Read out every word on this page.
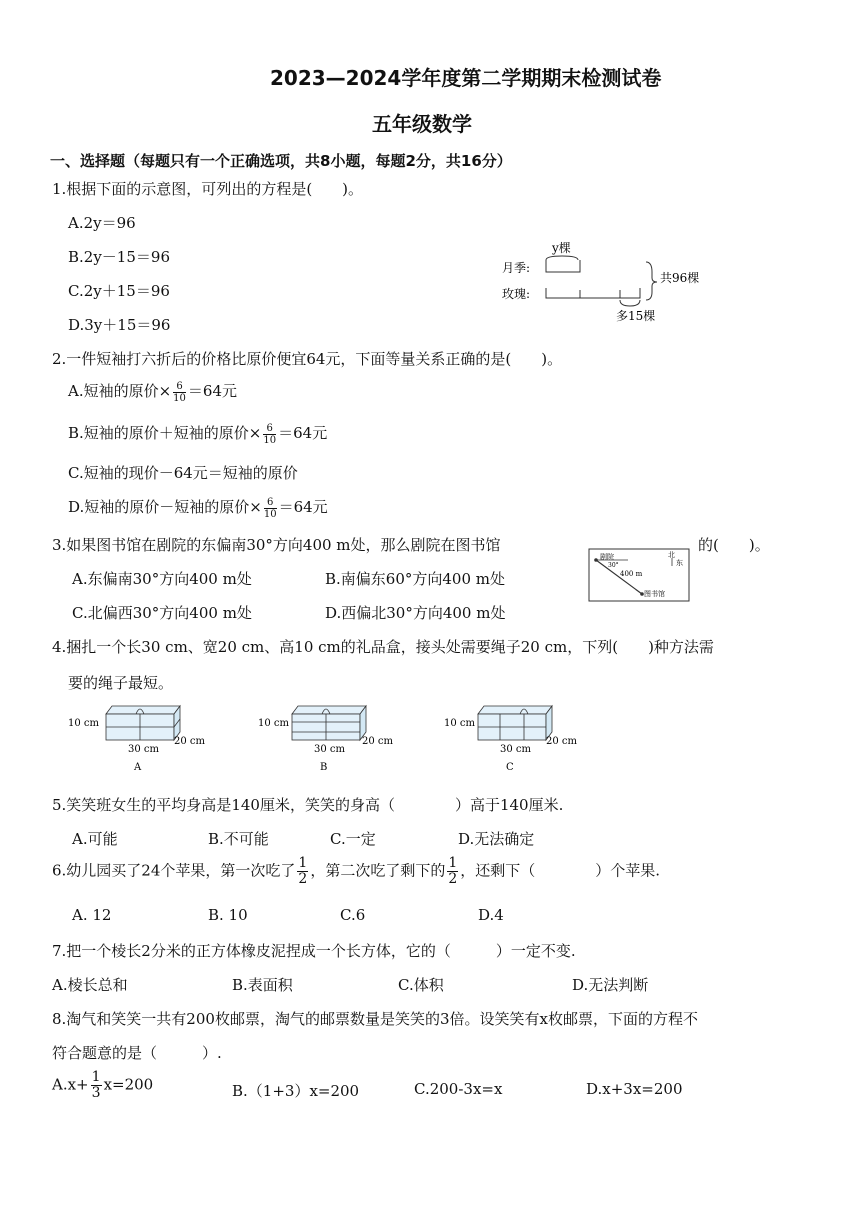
2023—2024学年度第二学期期末检测试卷
五年级数学
一、选择题（每题只有一个正确选项，共8小题，每题2分，共16分）
1.根据下面的示意图，可列出的方程是(　　)。
A.2y＝96
B.2y－15＝96
C.2y＋15＝96
D.3y＋15＝96
y棵
月季:
玫瑰:
多15棵
共96棵
2.一件短袖打六折后的价格比原价便宜64元，下面等量关系正确的是(　　)。
A.短袖的原价× $\frac{6}{10} =64$元
B.短袖的原价＋短袖的原价× $\frac{6}{10} =64$元
C.短袖的现价－64元＝短袖的原价
D.短袖的原价－短袖的原价× $\frac{6}{10} =64$元
3.如果图书馆在剧院的东偏南30°方向400 m处，那么剧院在图书馆	的(　　)。
剧院
30°
400 m
图书馆
北
东
A.东偏南30°方向400 m处	B.南偏东60°方向400 m处
C.北偏西30°方向400 m处	D.西偏北30°方向400 m处
4.捆扎一个长30 cm、宽20 cm、高10 cm的礼品盒，接头处需要绳子20 cm，下列(　　)种方法需
要的绳子最短。
10 cm
20 cm
30 cm
A
10 cm
20 cm
30 cm
B
10 cm
20 cm
30 cm
C
5.笑笑班女生的平均身高是140厘米，笑笑的身高（　　　　）高于140厘米.
A.可能	B.不可能	C.一定	D.无法确定
6.幼儿园买了24个苹果，第一次吃了 $\frac{1}{2}$ ，第二次吃了剩下的 $\frac{1}{2}$ ，还剩下（　　　　）个苹果.
A. 12	B. 10	C.6	D.4
7.把一个棱长2分米的正方体橡皮泥捏成一个长方体，它的（　　　）一定不变.
A.棱长总和	B.表面积	C.体积	D.无法判断
8.淘气和笑笑一共有200枚邮票，淘气的邮票数量是笑笑的3倍。设笑笑有x枚邮票，下面的方程不
符合题意的是（　　　）.
$A.x+ \frac{1}{3} x=200$	B.（1+3）x=200	C.200-3x=x	D.x+3x=200
